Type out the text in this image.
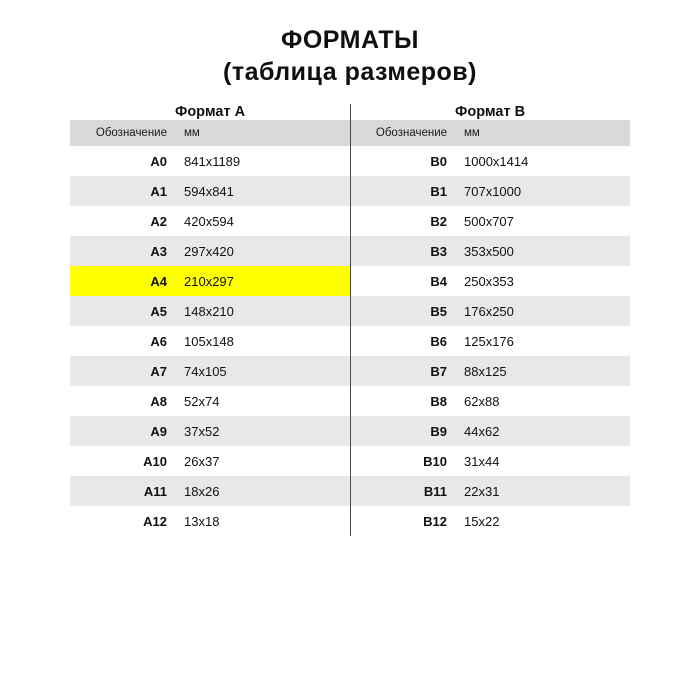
ФОРМАТЫ
(таблица размеров)
Формат A		Формат B	
Обозначение	мм		Обозначение	мм
A0	841x1189		B0	1000x1414
A1	594x841		B1	707x1000
A2	420x594		B2	500x707
A3	297x420		B3	353x500
A4	210x297		B4	250x353
A5	148x210		B5	176x250
A6	105x148		B6	125x176
A7	74x105		B7	88x125
A8	52x74		B8	62x88
A9	37x52		B9	44x62
A10	26x37		B10	31x44
A11	18x26		B11	22x31
A12	13x18		B12	15x22
